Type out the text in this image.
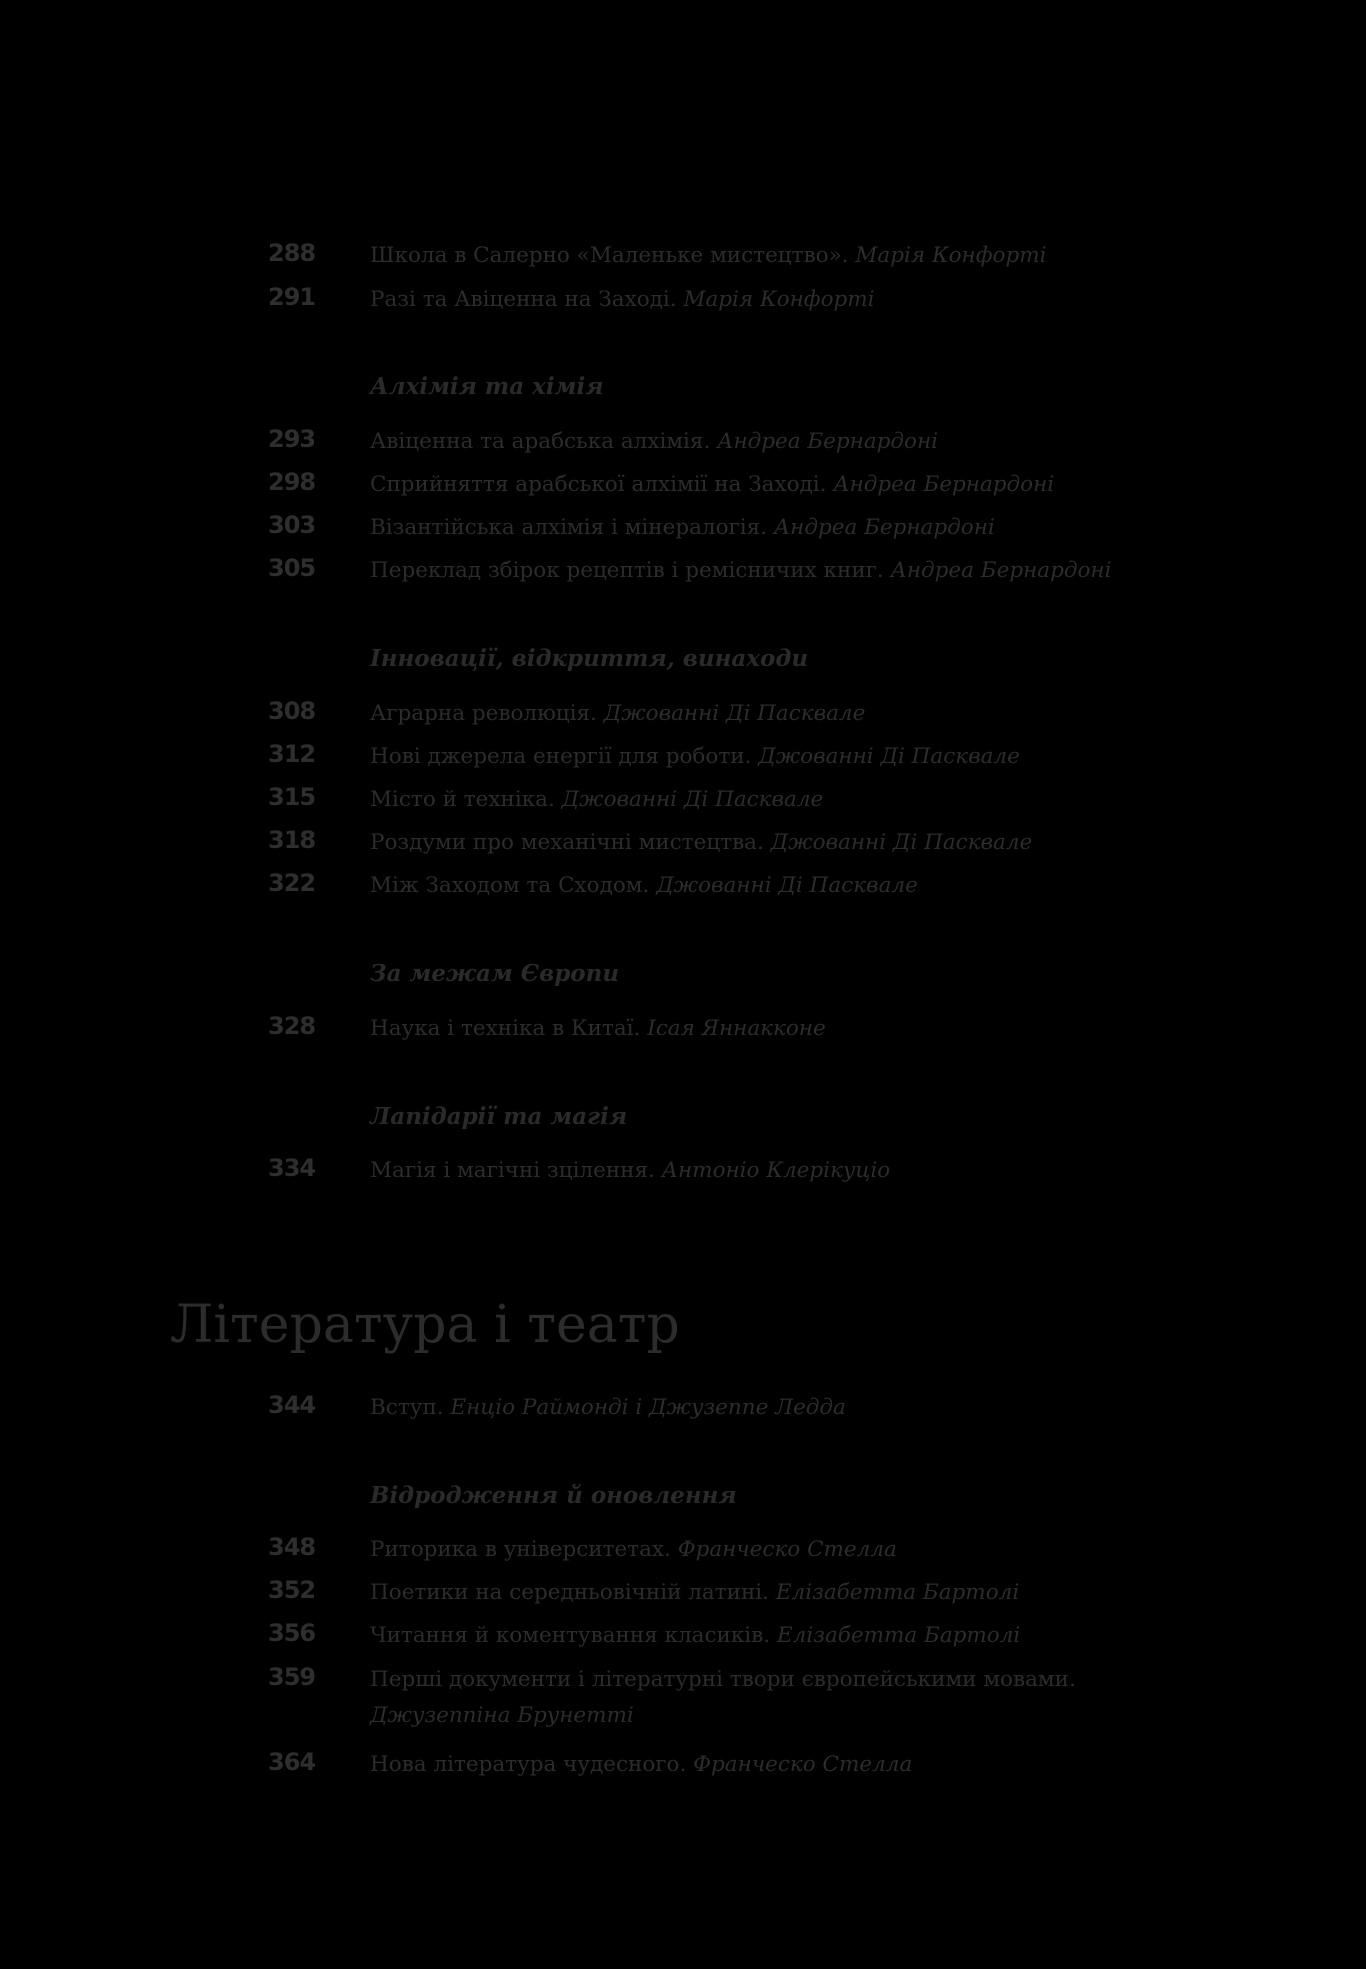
288	Школа в Салерно «Маленьке мистецтво». Марія Конфорті
291	Разі та Авіценна на Заході. Марія Конфорті
Алхімія та хімія
293	Авіценна та арабська алхімія. Андреа Бернардоні
298	Сприйняття арабської алхімії на Заході. Андреа Бернардоні
303	Візантійська алхімія і мінералогія. Андреа Бернардоні
305	Переклад збірок рецептів і ремісничих книг. Андреа Бернардоні
Інновації, відкриття, винаходи
308	Аграрна революція. Джованні Ді Пасквале
312	Нові джерела енергії для роботи. Джованні Ді Пасквале
315	Місто й техніка. Джованні Ді Пасквале
318	Роздуми про механічні мистецтва. Джованні Ді Пасквале
322	Між Заходом та Сходом. Джованні Ді Пасквале
За межам Європи
328	Наука і техніка в Китаї. Ісая Яннакконе
Лапідарії та магія
334	Магія і магічні зцілення. Антоніо Клерікуціо
Література і театр
344	Вступ. Енціо Раймонді і Джузеппе Ледда
Відродження й оновлення
348	Риторика в університетах. Франческо Стелла
352	Поетики на середньовічній латині. Елізабетта Бартолі
356	Читання й коментування класиків. Елізабетта Бартолі
359	Перші документи і літературні твори європейськими мовами. Джузеппіна Брунетті
364	Нова література чудесного. Франческо Стелла
